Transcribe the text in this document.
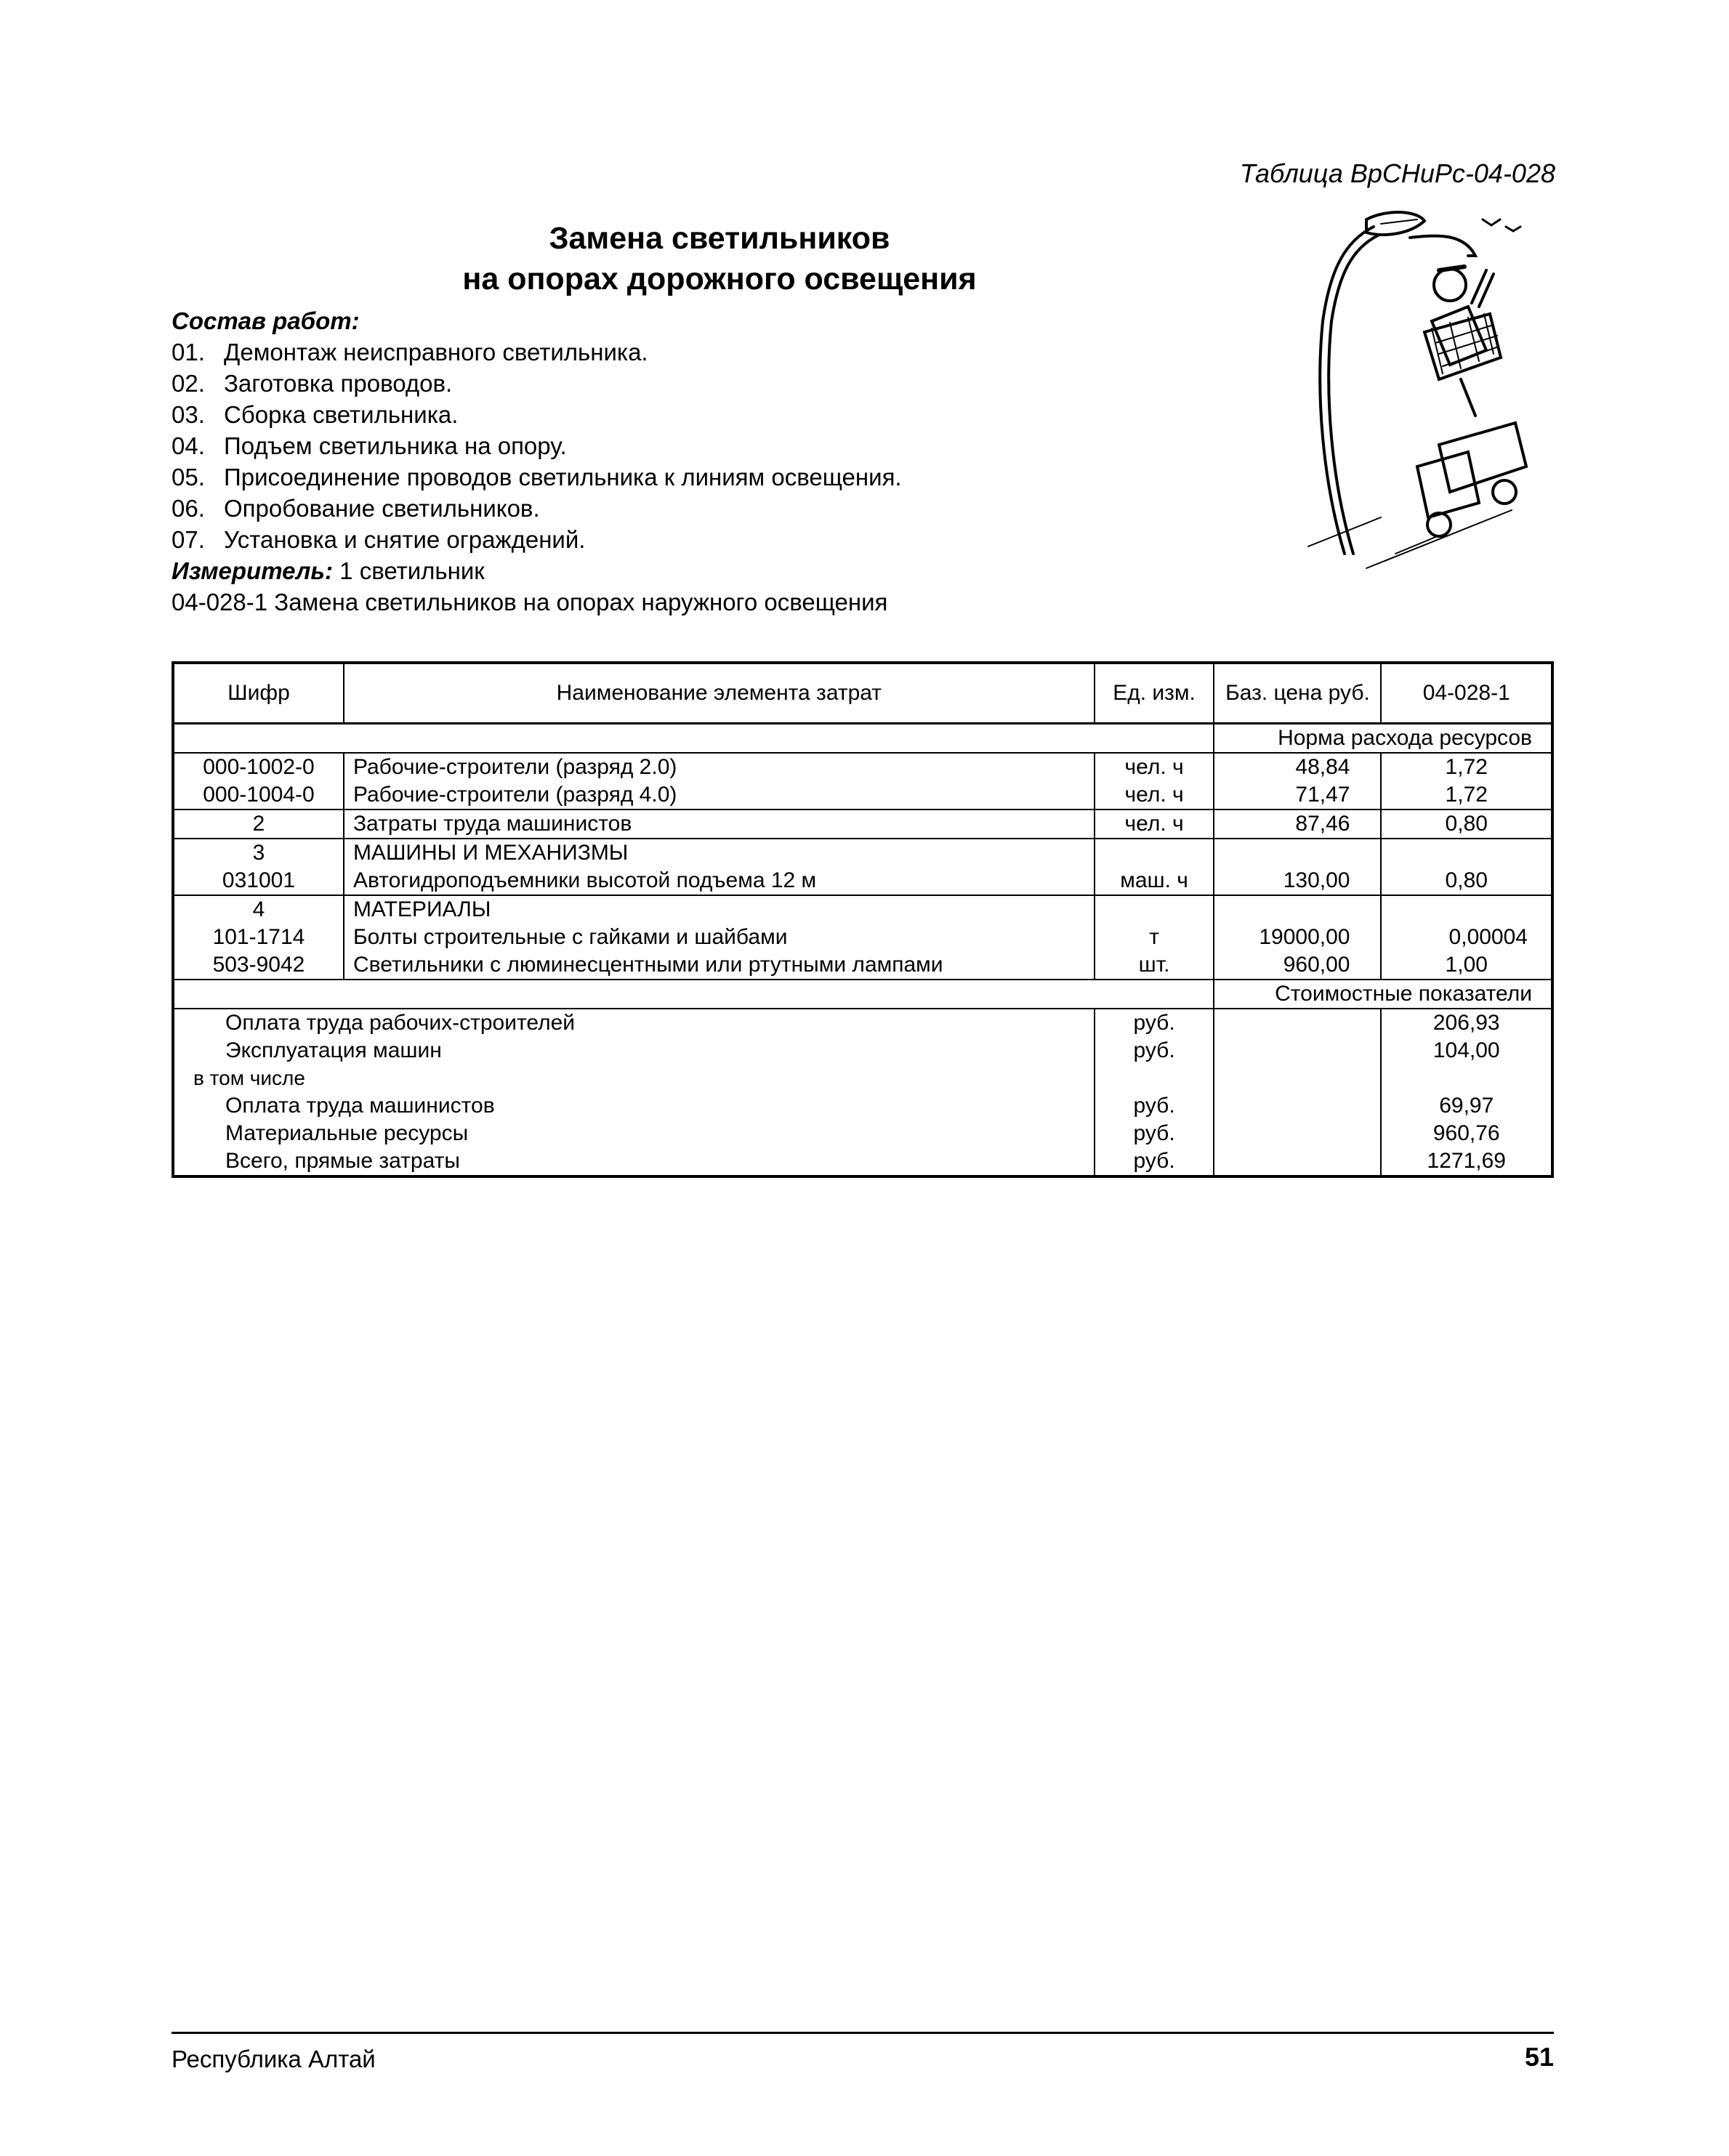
Таблица ВрСНиРс-04-028
Замена светильников
на опорах дорожного освещения
Состав работ:
01. Демонтаж неисправного светильника.
02. Заготовка проводов.
03. Сборка светильника.
04. Подъем светильника на опору.
05. Присоединение проводов светильника к линиям освещения.
06. Опробование светильников.
07. Установка и снятие ограждений.
Измеритель: 1 светильник
04-028-1 Замена светильников на опорах наружного освещения
Шифр	Наименование элемента затрат	Ед. изм.	Баз. цена руб.	04-028-1
			Норма расхода ресурсов	
000-1002-0	Рабочие-строители (разряд 2.0)	чел. ч	48,84	1,72
000-1004-0	Рабочие-строители (разряд 4.0)	чел. ч	71,47	1,72
2	Затраты труда машинистов	чел. ч	87,46	0,80
3	МАШИНЫ И МЕХАНИЗМЫ			
031001	Автогидроподъемники высотой подъема 12 м	маш. ч	130,00	0,80
4	МАТЕРИАЛЫ			
101-1714	Болты строительные с гайками и шайбами	т	19000,00	0,00004
503-9042	Светильники с люминесцентными или ртутными лампами	шт.	960,00	1,00
			Стоимостные показатели	
Оплата труда рабочих-строителей		руб.		206,93
Эксплуатация машин		руб.		104,00
в том числе				
Оплата труда машинистов		руб.		69,97
Материальные ресурсы		руб.		960,76
Всего, прямые затраты		руб.		1271,69
Республика Алтай	51
